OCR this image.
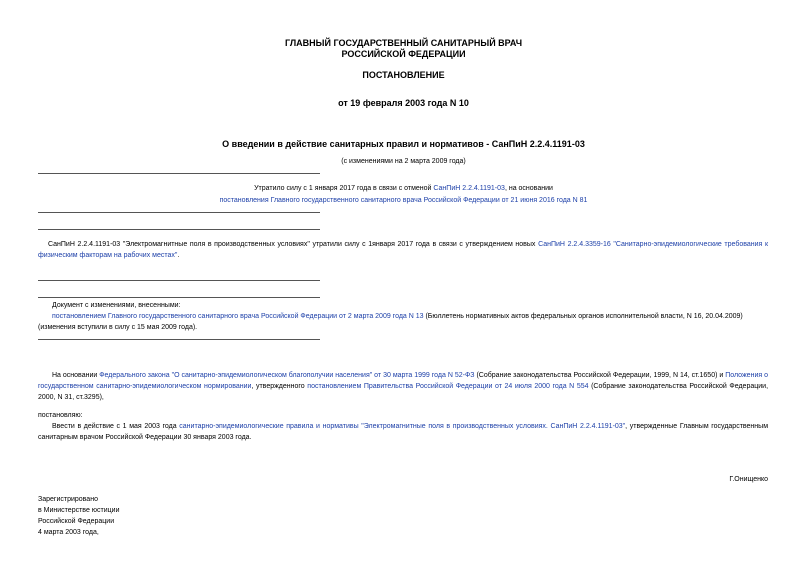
ГЛАВНЫЙ ГОСУДАРСТВЕННЫЙ САНИТАРНЫЙ ВРАЧ
РОССИЙСКОЙ ФЕДЕРАЦИИ
ПОСТАНОВЛЕНИЕ
от 19 февраля 2003 года N 10
О введении в действие санитарных правил и нормативов - СанПиН 2.2.4.1191-03
(с изменениями на 2 марта 2009 года)
Утратило силу с 1 января 2017 года в связи с отменой СанПиН 2.2.4.1191-03, на основании
постановления Главного государственного санитарного врача Российской Федерации от 21 июня 2016 года N 81
СанПиН 2.2.4.1191-03 "Электромагнитные поля в производственных условиях" утратили силу с 1января 2017 года в связи с утверждением новых СанПиН 2.2.4.3359-16 "Санитарно-эпидемиологические требования к физическим факторам на рабочих местах".
Документ с изменениями, внесенными:
постановлением Главного государственного санитарного врача Российской Федерации от 2 марта 2009 года N 13 (Бюллетень нормативных актов федеральных органов исполнительной власти, N 16, 20.04.2009)
(изменения вступили в силу с 15 мая 2009 года).
На основании Федерального закона "О санитарно-эпидемиологическом благополучии населения" от 30 марта 1999 года N 52-ФЗ (Собрание законодательства Российской Федерации, 1999, N 14, ст.1650) и Положения о государственном санитарно-эпидемиологическом нормировании, утвержденного постановлением Правительства Российской Федерации от 24 июля 2000 года N 554 (Собрание законодательства Российской Федерации, 2000, N 31, ст.3295),
постановляю:
Ввести в действие с 1 мая 2003 года санитарно-эпидемиологические правила и нормативы "Электромагнитные поля в производственных условиях. СанПиН 2.2.4.1191-03", утвержденные Главным государственным санитарным врачом Российской Федерации 30 января 2003 года.
Г.Онищенко
Зарегистрировано
в Министерстве юстиции
Российской Федерации
4 марта 2003 года,
